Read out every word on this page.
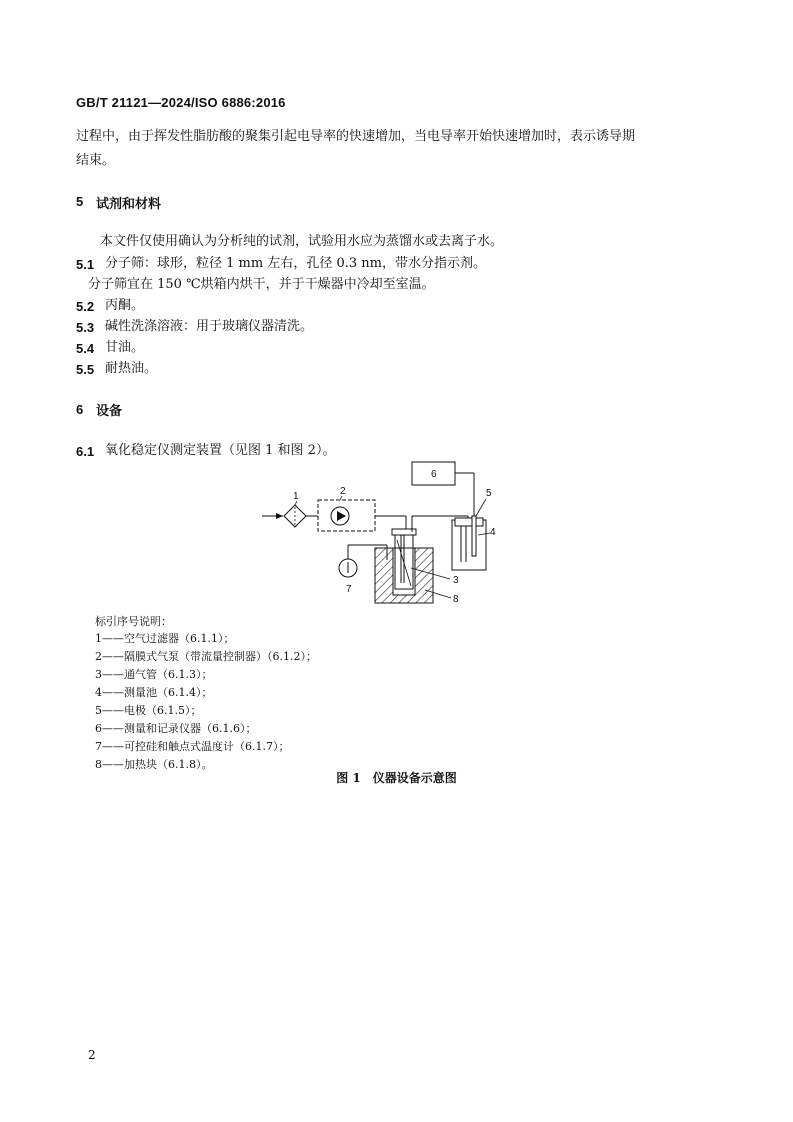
GB/T 21121—2024/ISO 6886:2016
过程中，由于挥发性脂肪酸的聚集引起电导率的快速增加，当电导率开始快速增加时，表示诱导期
结束。
5 试剂和材料
本文件仅使用确认为分析纯的试剂，试验用水应为蒸馏水或去离子水。
5.1 分子筛：球形，粒径 1 mm 左右，孔径 0.3 nm，带水分指示剂。
分子筛宜在 150 ℃烘箱内烘干，并于干燥器中冷却至室温。
5.2 丙酮。
5.3 碱性洗涤溶液：用于玻璃仪器清洗。
5.4 甘油。
5.5 耐热油。
6 设备
6.1 氧化稳定仪测定装置（见图 1 和图 2）。
1	2
3
4
5
6
7
8
标引序号说明：
1——空气过滤器（6.1.1）；
2——隔膜式气泵（带流量控制器）（6.1.2）；
3——通气管（6.1.3）；
4——测量池（6.1.4）；
5——电极（6.1.5）；
6——测量和记录仪器（6.1.6）；
7——可控硅和触点式温度计（6.1.7）；
8——加热块（6.1.8）。
图 1　仪器设备示意图
2
